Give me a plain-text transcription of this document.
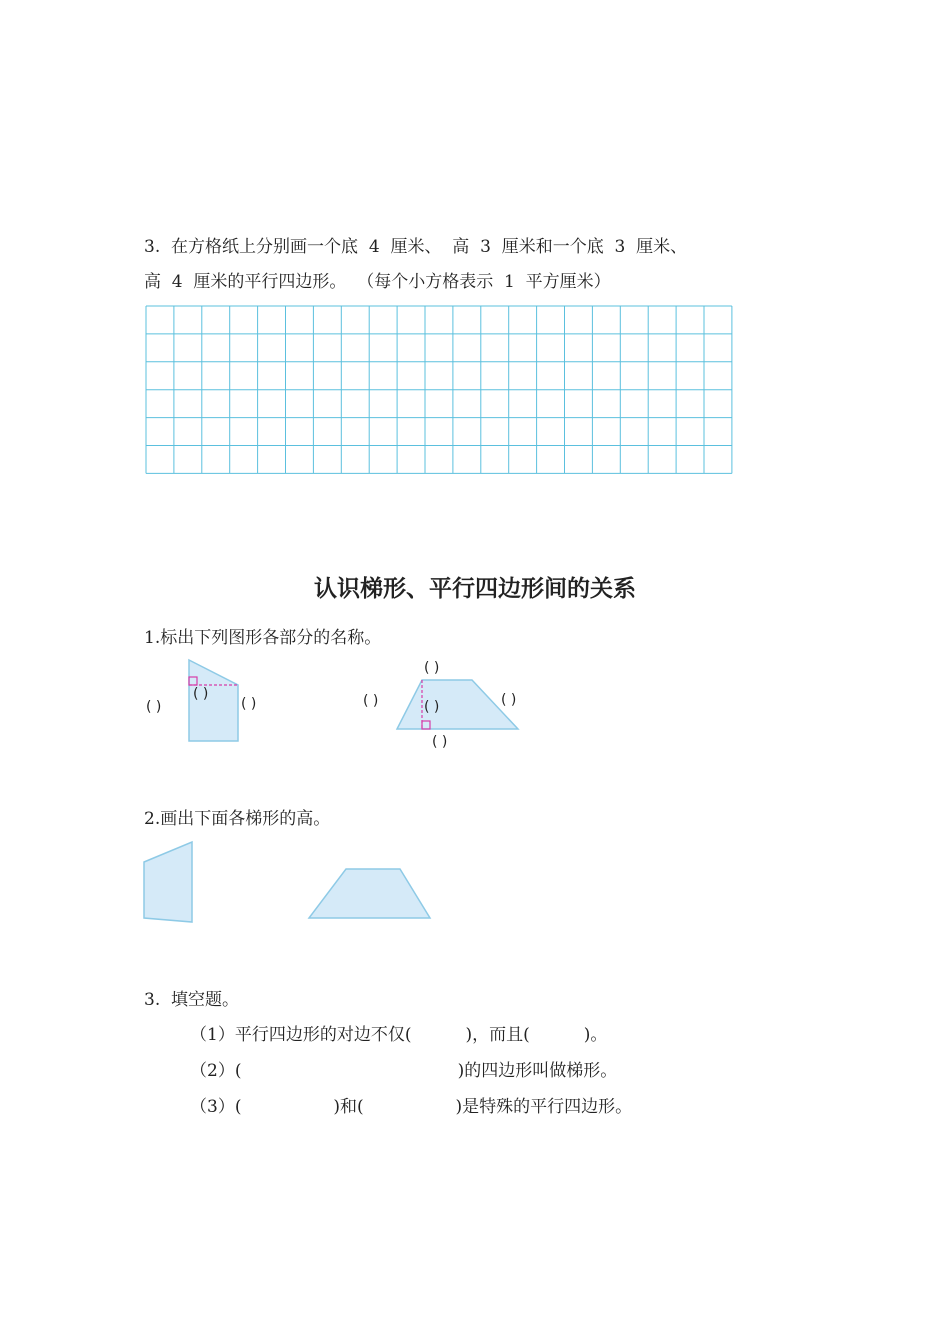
3.  在方格纸上分别画一个底  4  厘米、  高  3  厘米和一个底  3  厘米、
高  4  厘米的平行四边形。  （每个小方格表示  1  平方厘米）
认识梯形、平行四边形间的关系
1.标出下列图形各部分的名称。
2.画出下面各梯形的高。
3.  填空题。
（1）平行四边形的对边不仅(          )，而且(          )。
（2）(                                        )的四边形叫做梯形。
（3）(                 )和(                 )是特殊的平行四边形。
( )
( )
( )
( )
( )	( )	( )
( )
